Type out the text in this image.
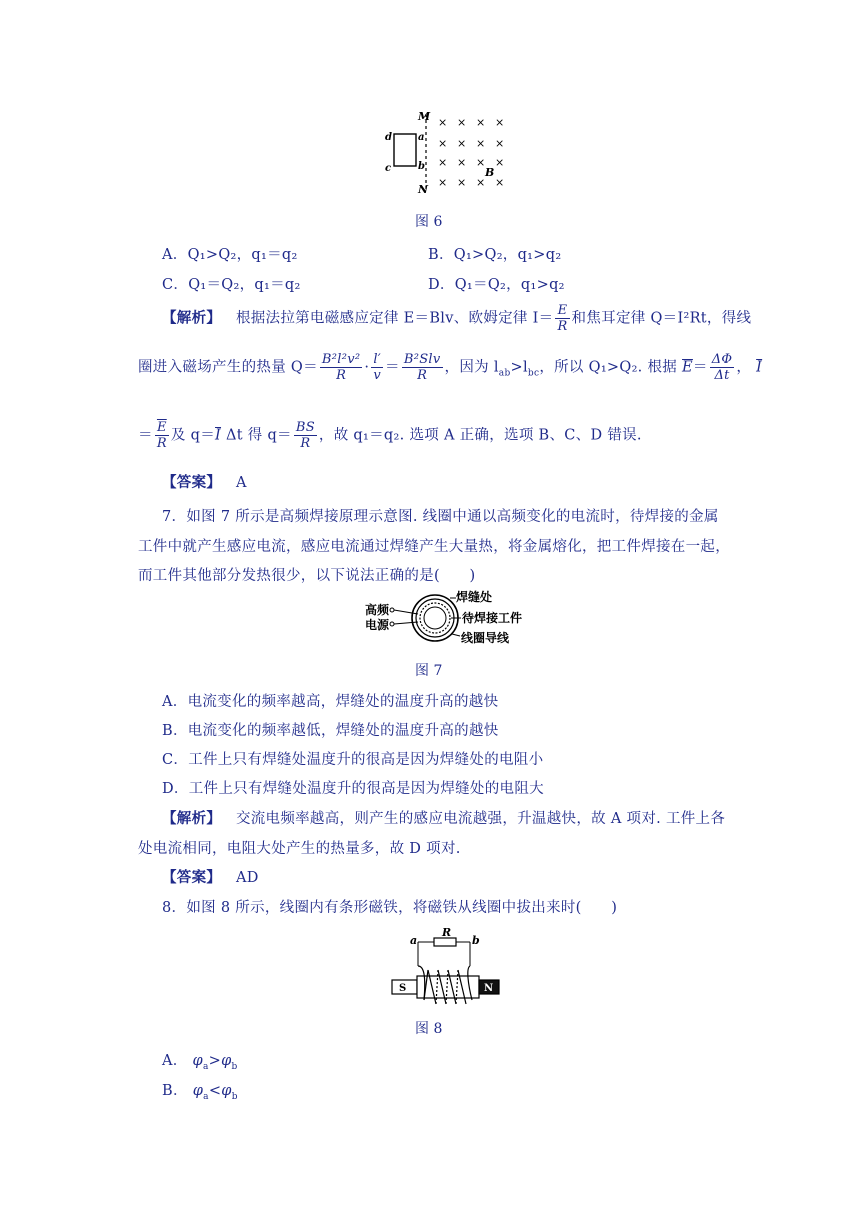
M
N
d	a
c	b
× × × ×
× × × ×
× × × ×
× × × ×
B
图 6
A．Q₁>Q₂，q₁＝q₂	B．Q₁>Q₂，q₁>q₂
C．Q₁＝Q₂，q₁＝q₂	D．Q₁＝Q₂，q₁>q₂
【解析】 根据法拉第电磁感应定律 E＝Blv、欧姆定律 $I= \frac{E}{R}$ 和焦耳定律 Q＝I²Rt，得线
圈进入磁场产生的热量 $Q= \frac{\text{B²l²v²}}{R} \cdot \frac{l'}{v} = \frac{\text{B²Slv}}{R}$ ，因为 $l_{ab}>l_{bc}$，所以 Q₁>Q₂. 根据 $\overline{E}= \frac{\Delta\Phi}{\Delta t}$ ， $\overline{I}$
＝ $\frac{\overline{E}}{R}$ 及 $q=\overline{I}$ Δt 得 $q= \frac{BS}{R}$ ，故 q₁＝q₂. 选项 A 正确，选项 B、C、D 错误.
【答案】 A
7．如图 7 所示是高频焊接原理示意图. 线圈中通以高频变化的电流时，待焊接的金属
工件中就产生感应电流，感应电流通过焊缝产生大量热，将金属熔化，把工件焊接在一起，
而工件其他部分发热很少，以下说法正确的是(　　)
高频
电源
焊缝处
待焊接工件
线圈导线
图 7
A．电流变化的频率越高，焊缝处的温度升高的越快
B．电流变化的频率越低，焊缝处的温度升高的越快
C．工件上只有焊缝处温度升的很高是因为焊缝处的电阻小
D．工件上只有焊缝处温度升的很高是因为焊缝处的电阻大
【解析】 交流电频率越高，则产生的感应电流越强，升温越快，故 A 项对. 工件上各
处电流相同，电阻大处产生的热量多，故 D 项对.
【答案】 AD
8．如图 8 所示，线圈内有条形磁铁，将磁铁从线圈中拔出来时(　　)
a	b
R
S	N
图 8
A． $\varphi_a>\varphi_b$
B． $\varphi_a<\varphi_b$
